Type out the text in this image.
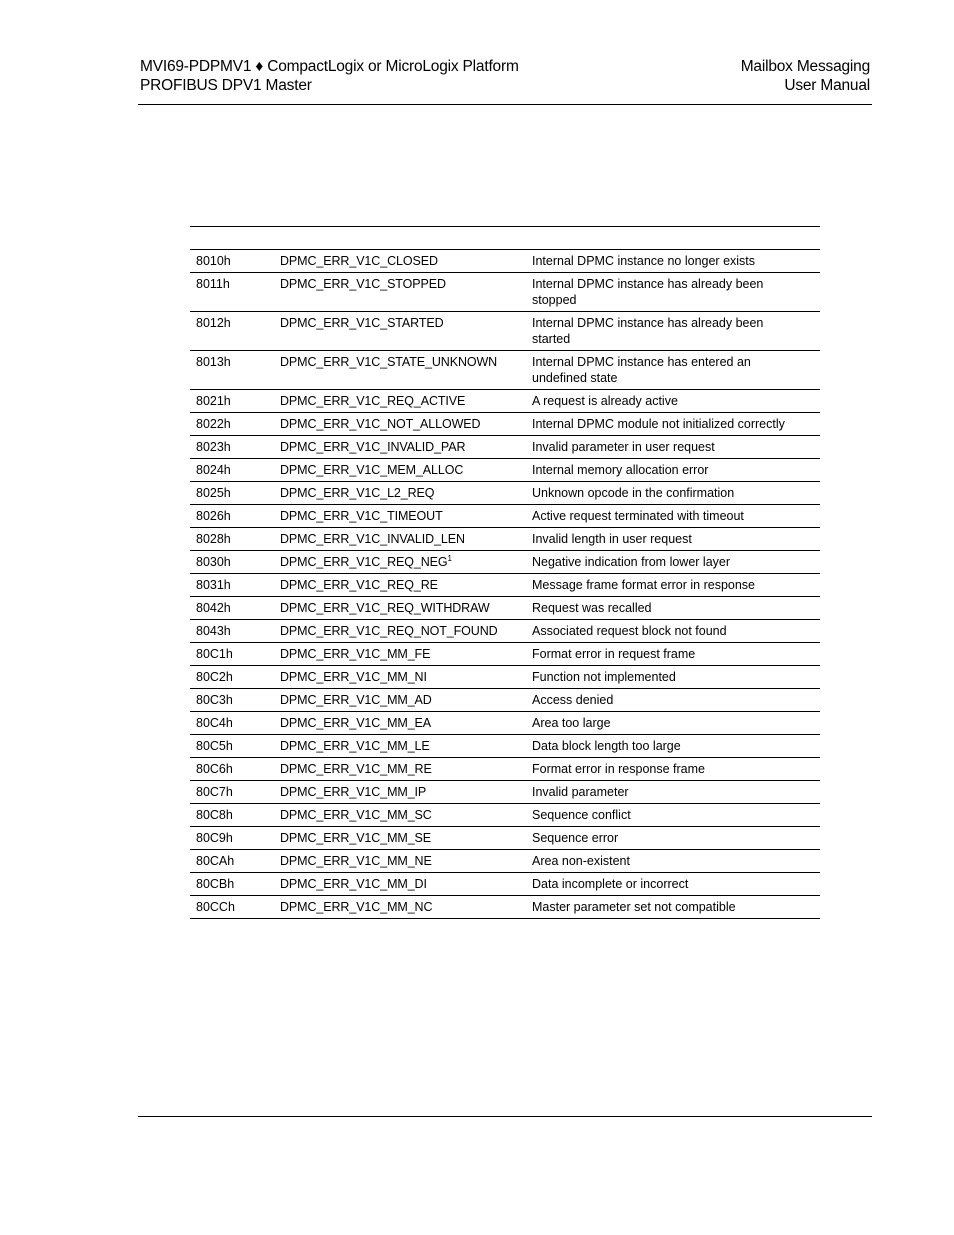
MVI69-PDPMV1 ♦ CompactLogix or MicroLogix Platform
PROFIBUS DPV1 Master
Mailbox Messaging
User Manual
8010h	DPMC_ERR_V1C_CLOSED	Internal DPMC instance no longer exists
8011h	DPMC_ERR_V1C_STOPPED	Internal DPMC instance has already been stopped
8012h	DPMC_ERR_V1C_STARTED	Internal DPMC instance has already been started
8013h	DPMC_ERR_V1C_STATE_UNKNOWN	Internal DPMC instance has entered an undefined state
8021h	DPMC_ERR_V1C_REQ_ACTIVE	A request is already active
8022h	DPMC_ERR_V1C_NOT_ALLOWED	Internal DPMC module not initialized correctly
8023h	DPMC_ERR_V1C_INVALID_PAR	Invalid parameter in user request
8024h	DPMC_ERR_V1C_MEM_ALLOC	Internal memory allocation error
8025h	DPMC_ERR_V1C_L2_REQ	Unknown opcode in the confirmation
8026h	DPMC_ERR_V1C_TIMEOUT	Active request terminated with timeout
8028h	DPMC_ERR_V1C_INVALID_LEN	Invalid length in user request
8030h	DPMC_ERR_V1C_REQ_NEG$^1$	Negative indication from lower layer
8031h	DPMC_ERR_V1C_REQ_RE	Message frame format error in response
8042h	DPMC_ERR_V1C_REQ_WITHDRAW	Request was recalled
8043h	DPMC_ERR_V1C_REQ_NOT_FOUND	Associated request block not found
80C1h	DPMC_ERR_V1C_MM_FE	Format error in request frame
80C2h	DPMC_ERR_V1C_MM_NI	Function not implemented
80C3h	DPMC_ERR_V1C_MM_AD	Access denied
80C4h	DPMC_ERR_V1C_MM_EA	Area too large
80C5h	DPMC_ERR_V1C_MM_LE	Data block length too large
80C6h	DPMC_ERR_V1C_MM_RE	Format error in response frame
80C7h	DPMC_ERR_V1C_MM_IP	Invalid parameter
80C8h	DPMC_ERR_V1C_MM_SC	Sequence conflict
80C9h	DPMC_ERR_V1C_MM_SE	Sequence error
80CAh	DPMC_ERR_V1C_MM_NE	Area non-existent
80CBh	DPMC_ERR_V1C_MM_DI	Data incomplete or incorrect
80CCh	DPMC_ERR_V1C_MM_NC	Master parameter set not compatible
